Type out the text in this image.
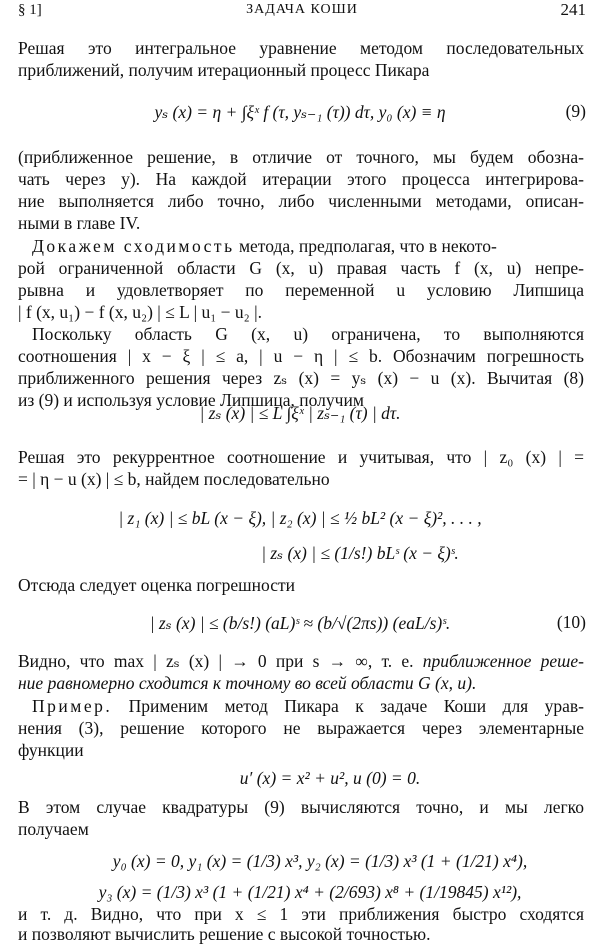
§ 1]	ЗАДАЧА КОШИ	241
Решая это интегральное уравнение методом последовательных
приближений, получим итерационный процесс Пикара
yₛ (x) = η + ∫ξˣ f (τ, yₛ₋₁ (τ)) dτ, y₀ (x) ≡ η	(9)
(приближенное решение, в отличие от точного, мы будем обозна-
чать через y). На каждой итерации этого процесса интегрирова-
ние выполняется либо точно, либо численными методами, описан-
ными в главе IV.
Докажем сходимость метода, предполагая, что в некото-
рой ограниченной области G (x, u) правая часть f (x, u) непре-
рывна и удовлетворяет по переменной u условию Липшица
| f (x, u₁) − f (x, u₂) | ≤ L | u₁ − u₂ |.
Поскольку область G (x, u) ограничена, то выполняются
соотношения | x − ξ | ≤ a, | u − η | ≤ b. Обозначим погрешность
приближенного решения через zₛ (x) = yₛ (x) − u (x). Вычитая (8)
из (9) и используя условие Липшица, получим
| zₛ (x) | ≤ L ∫ξˣ | zₛ₋₁ (τ) | dτ.
Решая это рекуррентное соотношение и учитывая, что | z₀ (x) | =
= | η − u (x) | ≤ b, найдем последовательно
| z₁ (x) | ≤ bL (x − ξ), | z₂ (x) | ≤ ½ bL² (x − ξ)², . . . ,
| zₛ (x) | ≤ (1/s!) bLˢ (x − ξ)ˢ.
Отсюда следует оценка погрешности
| zₛ (x) | ≤ (b/s!) (aL)ˢ ≈ (b/√(2πs)) (eaL/s)ˢ.	(10)
Видно, что max | zₛ (x) | → 0 при s → ∞, т. е. приближенное реше-
ние равномерно сходится к точному во всей области G (x, u).
Пример. Применим метод Пикара к задаче Коши для урав-
нения (3), решение которого не выражается через элементарные
функции
u′ (x) = x² + u², u (0) = 0.
В этом случае квадратуры (9) вычисляются точно, и мы легко
получаем
y₀ (x) = 0, y₁ (x) = (1/3) x³, y₂ (x) = (1/3) x³ (1 + (1/21) x⁴),
y₃ (x) = (1/3) x³ (1 + (1/21) x⁴ + (2/693) x⁸ + (1/19845) x¹²),
и т. д. Видно, что при x ≤ 1 эти приближения быстро сходятся
и позволяют вычислить решение с высокой точностью.
